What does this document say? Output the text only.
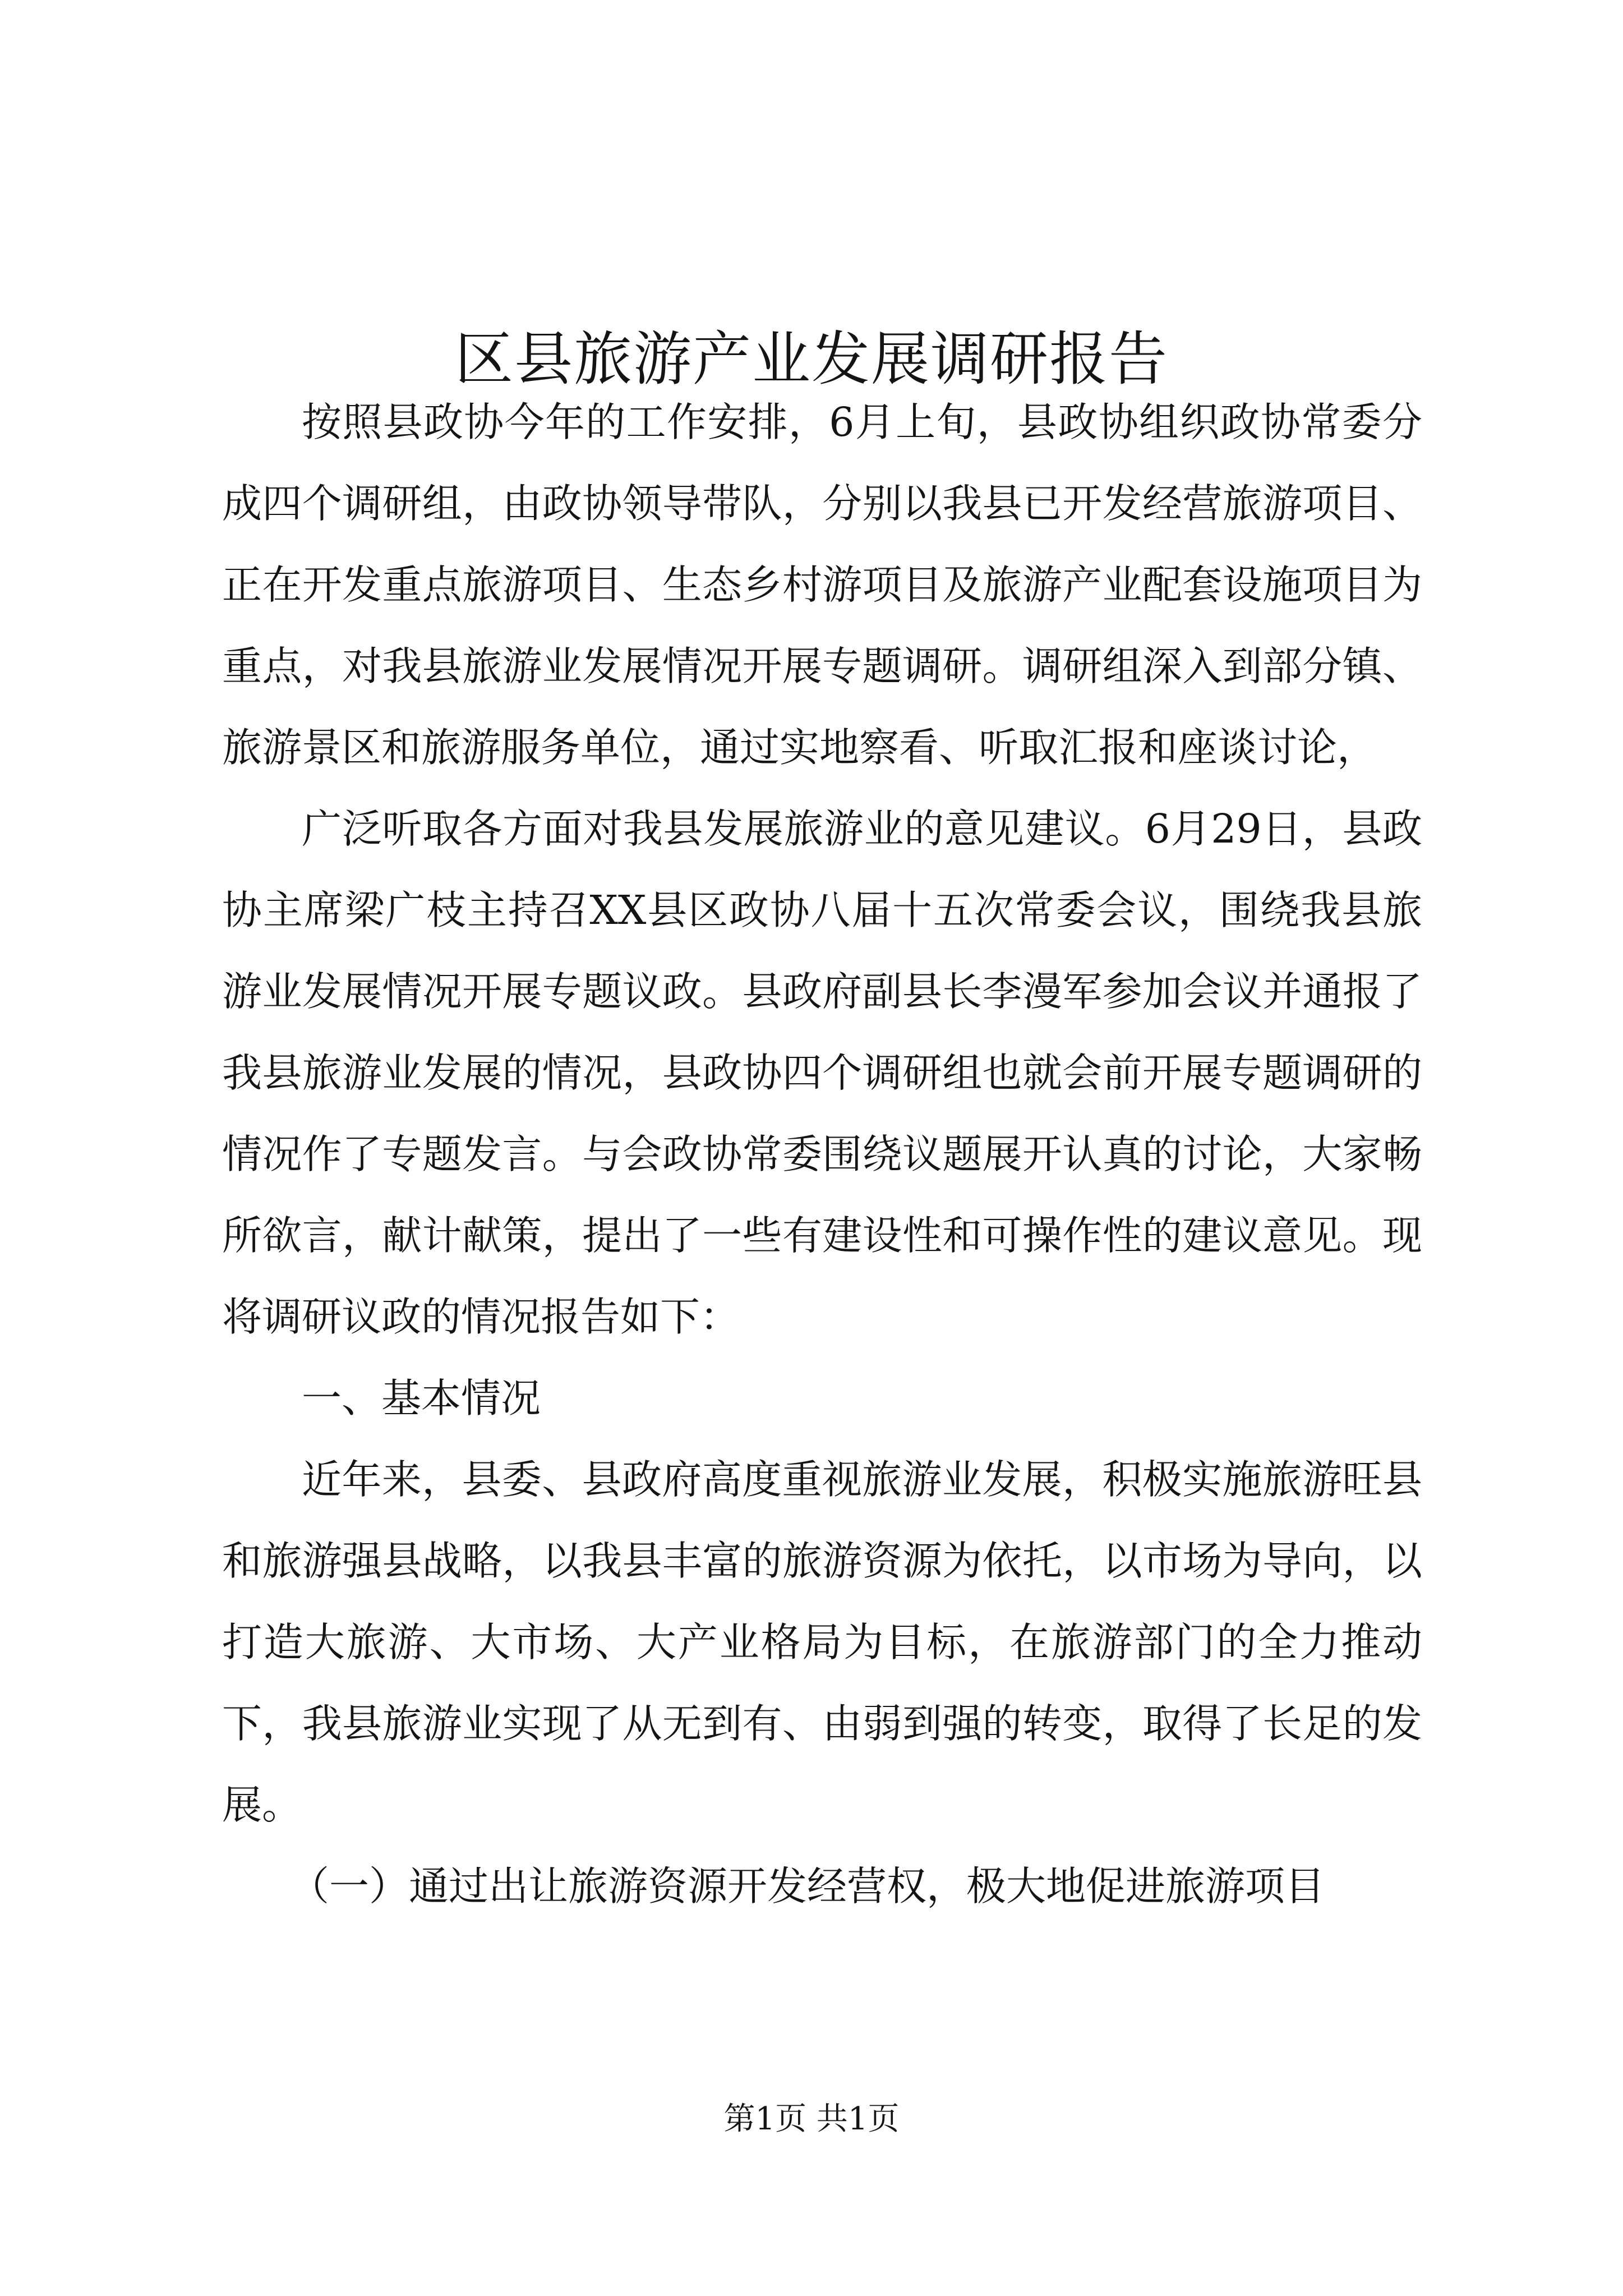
区县旅游产业发展调研报告

按照县政协今年的工作安排，6月上旬，县政协组织政协常委分成四个调研组，由政协领导带队，分别以我县已开发经营旅游项目、正在开发重点旅游项目、生态乡村游项目及旅游产业配套设施项目为重点，对我县旅游业发展情况开展专题调研。调研组深入到部分镇、旅游景区和旅游服务单位，通过实地察看、听取汇报和座谈讨论，

广泛听取各方面对我县发展旅游业的意见建议。6月29日，县政协主席梁广枝主持召XX县区政协八届十五次常委会议，围绕我县旅游业发展情况开展专题议政。县政府副县长李漫军参加会议并通报了我县旅游业发展的情况，县政协四个调研组也就会前开展专题调研的情况作了专题发言。与会政协常委围绕议题展开认真的讨论，大家畅所欲言，献计献策，提出了一些有建设性和可操作性的建议意见。现将调研议政的情况报告如下：

一、基本情况

近年来，县委、县政府高度重视旅游业发展，积极实施旅游旺县和旅游强县战略，以我县丰富的旅游资源为依托，以市场为导向，以打造大旅游、大市场、大产业格局为目标，在旅游部门的全力推动下，我县旅游业实现了从无到有、由弱到强的转变，取得了长足的发展。

（一）通过出让旅游资源开发经营权，极大地促进旅游项目

第1页 共1页
